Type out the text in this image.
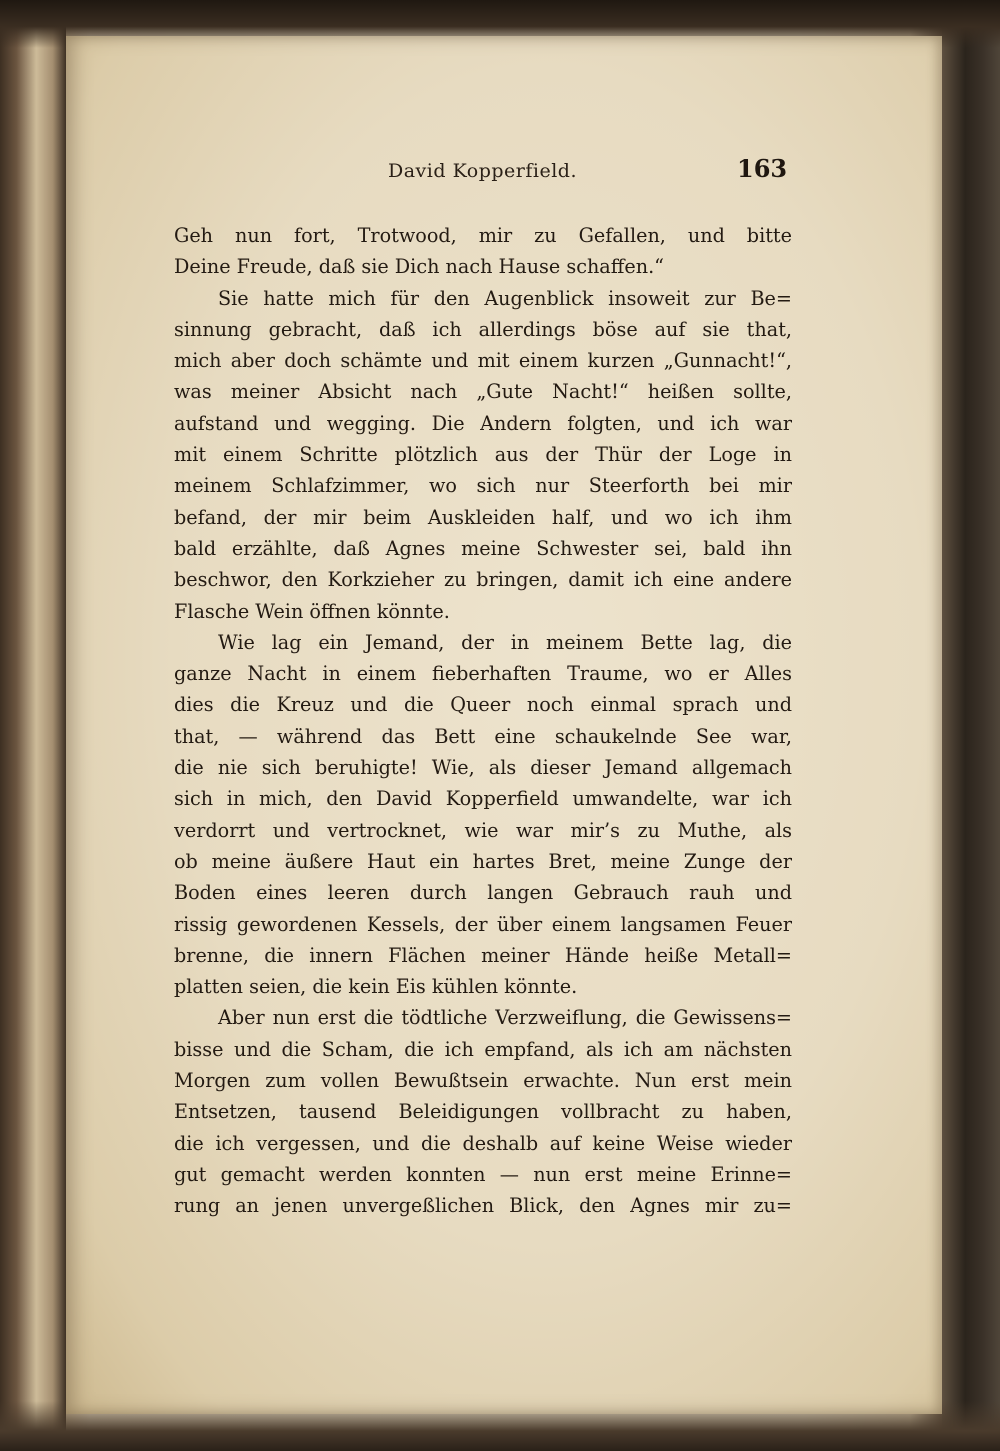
David Kopperfield.	163
Geh nun fort, Trotwood, mir zu Gefallen, und bitte
Deine Freude, daß sie Dich nach Hause schaffen.“
Sie hatte mich für den Augenblick insoweit zur Be=
sinnung gebracht, daß ich allerdings böse auf sie that,
mich aber doch schämte und mit einem kurzen „Gunnacht!“,
was meiner Absicht nach „Gute Nacht!“ heißen sollte,
aufstand und wegging. Die Andern folgten, und ich war
mit einem Schritte plötzlich aus der Thür der Loge in
meinem Schlafzimmer, wo sich nur Steerforth bei mir
befand, der mir beim Auskleiden half, und wo ich ihm
bald erzählte, daß Agnes meine Schwester sei, bald ihn
beschwor, den Korkzieher zu bringen, damit ich eine andere
Flasche Wein öffnen könnte.
Wie lag ein Jemand, der in meinem Bette lag, die
ganze Nacht in einem fieberhaften Traume, wo er Alles
dies die Kreuz und die Queer noch einmal sprach und
that, — während das Bett eine schaukelnde See war,
die nie sich beruhigte! Wie, als dieser Jemand allgemach
sich in mich, den David Kopperfield umwandelte, war ich
verdorrt und vertrocknet, wie war mir’s zu Muthe, als
ob meine äußere Haut ein hartes Bret, meine Zunge der
Boden eines leeren durch langen Gebrauch rauh und
rissig gewordenen Kessels, der über einem langsamen Feuer
brenne, die innern Flächen meiner Hände heiße Metall=
platten seien, die kein Eis kühlen könnte.
Aber nun erst die tödtliche Verzweiflung, die Gewissens=
bisse und die Scham, die ich empfand, als ich am nächsten
Morgen zum vollen Bewußtsein erwachte. Nun erst mein
Entsetzen, tausend Beleidigungen vollbracht zu haben,
die ich vergessen, und die deshalb auf keine Weise wieder
gut gemacht werden konnten — nun erst meine Erinne=
rung an jenen unvergeßlichen Blick, den Agnes mir zu=
